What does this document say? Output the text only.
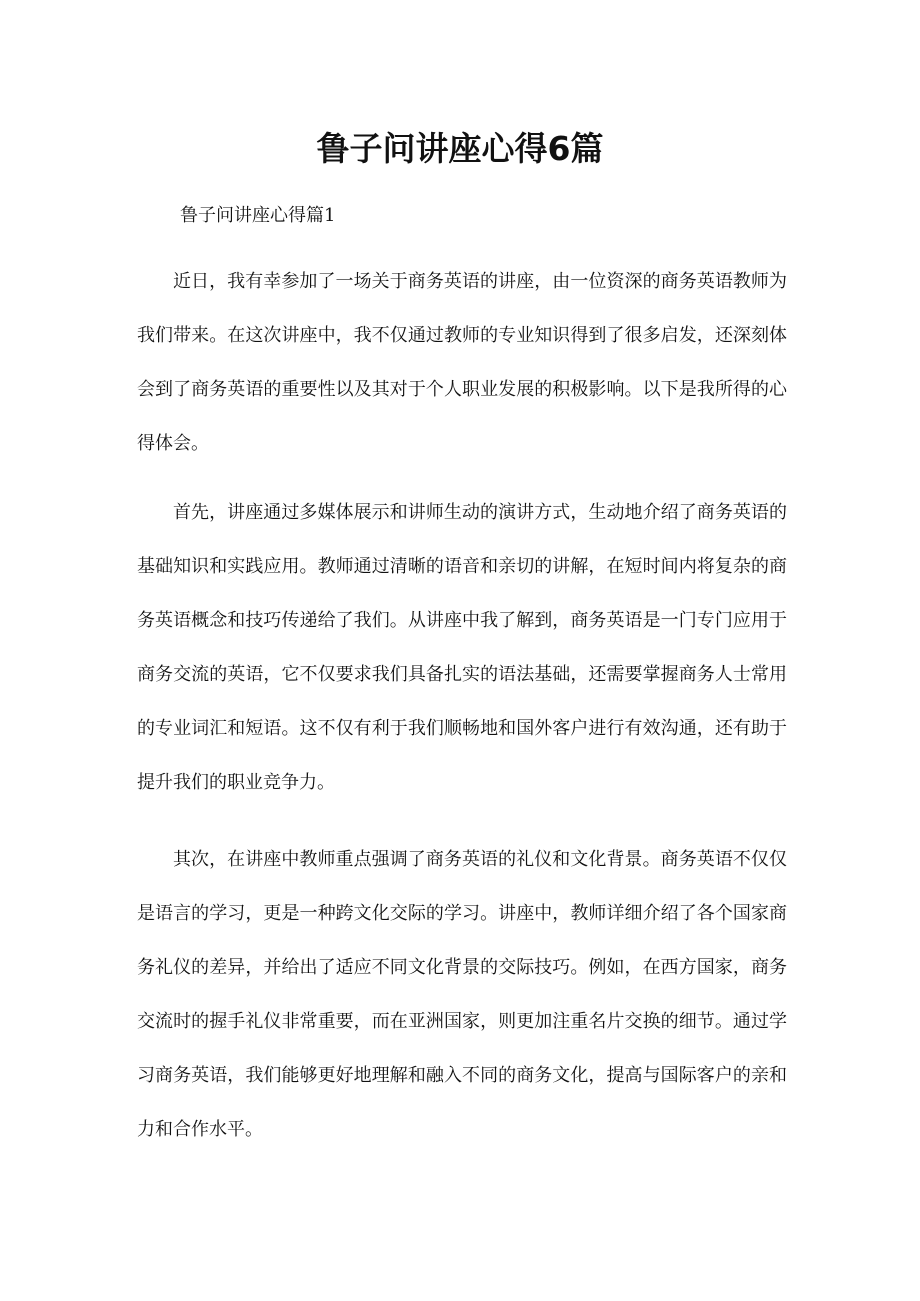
鲁子问讲座心得6篇

鲁子问讲座心得篇1

近日，我有幸参加了一场关于商务英语的讲座，由一位资深的商务英语教师为我们带来。在这次讲座中，我不仅通过教师的专业知识得到了很多启发，还深刻体会到了商务英语的重要性以及其对于个人职业发展的积极影响。以下是我所得的心得体会。

首先，讲座通过多媒体展示和讲师生动的演讲方式，生动地介绍了商务英语的基础知识和实践应用。教师通过清晰的语音和亲切的讲解，在短时间内将复杂的商务英语概念和技巧传递给了我们。从讲座中我了解到，商务英语是一门专门应用于商务交流的英语，它不仅要求我们具备扎实的语法基础，还需要掌握商务人士常用的专业词汇和短语。这不仅有利于我们顺畅地和国外客户进行有效沟通，还有助于提升我们的职业竞争力。

其次，在讲座中教师重点强调了商务英语的礼仪和文化背景。商务英语不仅仅是语言的学习，更是一种跨文化交际的学习。讲座中，教师详细介绍了各个国家商务礼仪的差异，并给出了适应不同文化背景的交际技巧。例如，在西方国家，商务交流时的握手礼仪非常重要，而在亚洲国家，则更加注重名片交换的细节。通过学习商务英语，我们能够更好地理解和融入不同的商务文化，提高与国际客户的亲和力和合作水平。
